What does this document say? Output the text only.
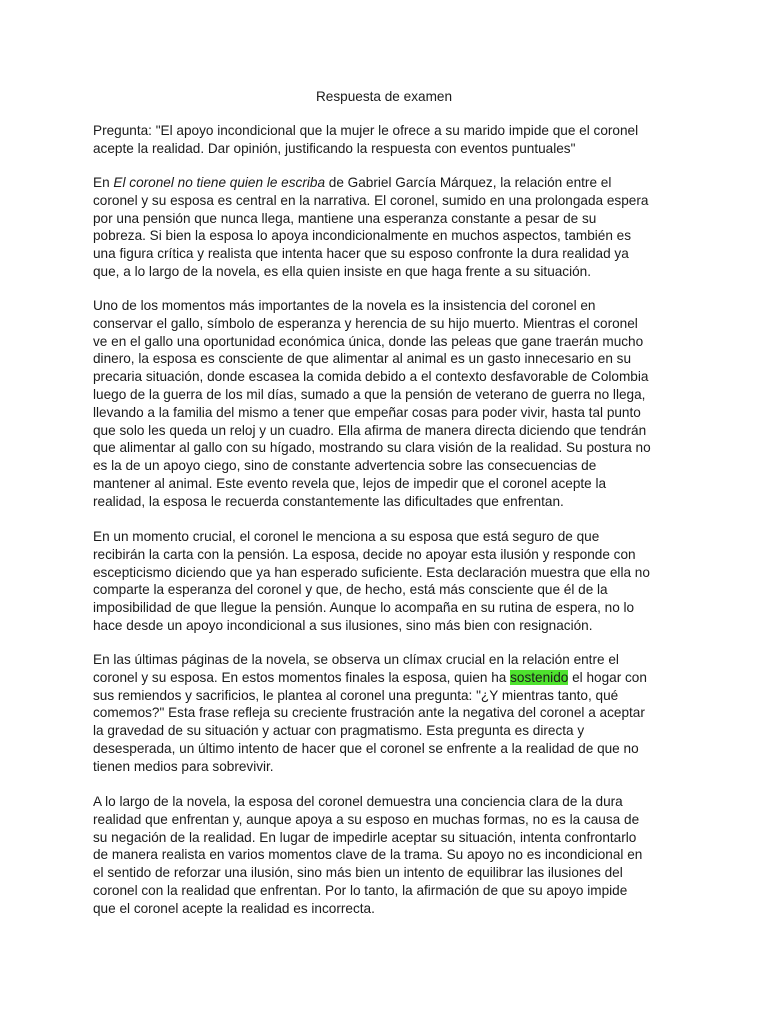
Respuesta de examen
Pregunta: "El apoyo incondicional que la mujer le ofrece a su marido impide que el coronel
acepte la realidad. Dar opinión, justificando la respuesta con eventos puntuales"
En El coronel no tiene quien le escriba de Gabriel García Márquez, la relación entre el
coronel y su esposa es central en la narrativa. El coronel, sumido en una prolongada espera
por una pensión que nunca llega, mantiene una esperanza constante a pesar de su
pobreza. Si bien la esposa lo apoya incondicionalmente en muchos aspectos, también es
una figura crítica y realista que intenta hacer que su esposo confronte la dura realidad ya
que, a lo largo de la novela, es ella quien insiste en que haga frente a su situación.
Uno de los momentos más importantes de la novela es la insistencia del coronel en
conservar el gallo, símbolo de esperanza y herencia de su hijo muerto. Mientras el coronel
ve en el gallo una oportunidad económica única, donde las peleas que gane traerán mucho
dinero, la esposa es consciente de que alimentar al animal es un gasto innecesario en su
precaria situación, donde escasea la comida debido a el contexto desfavorable de Colombia
luego de la guerra de los mil días, sumado a que la pensión de veterano de guerra no llega,
llevando a la familia del mismo a tener que empeñar cosas para poder vivir, hasta tal punto
que solo les queda un reloj y un cuadro. Ella afirma de manera directa diciendo que tendrán
que alimentar al gallo con su hígado, mostrando su clara visión de la realidad. Su postura no
es la de un apoyo ciego, sino de constante advertencia sobre las consecuencias de
mantener al animal. Este evento revela que, lejos de impedir que el coronel acepte la
realidad, la esposa le recuerda constantemente las dificultades que enfrentan.
En un momento crucial, el coronel le menciona a su esposa que está seguro de que
recibirán la carta con la pensión. La esposa, decide no apoyar esta ilusión y responde con
escepticismo diciendo que ya han esperado suficiente. Esta declaración muestra que ella no
comparte la esperanza del coronel y que, de hecho, está más consciente que él de la
imposibilidad de que llegue la pensión. Aunque lo acompaña en su rutina de espera, no lo
hace desde un apoyo incondicional a sus ilusiones, sino más bien con resignación.
En las últimas páginas de la novela, se observa un clímax crucial en la relación entre el
coronel y su esposa. En estos momentos finales la esposa, quien ha sostenido el hogar con
sus remiendos y sacrificios, le plantea al coronel una pregunta: "¿Y mientras tanto, qué
comemos?" Esta frase refleja su creciente frustración ante la negativa del coronel a aceptar
la gravedad de su situación y actuar con pragmatismo. Esta pregunta es directa y
desesperada, un último intento de hacer que el coronel se enfrente a la realidad de que no
tienen medios para sobrevivir.
A lo largo de la novela, la esposa del coronel demuestra una conciencia clara de la dura
realidad que enfrentan y, aunque apoya a su esposo en muchas formas, no es la causa de
su negación de la realidad. En lugar de impedirle aceptar su situación, intenta confrontarlo
de manera realista en varios momentos clave de la trama. Su apoyo no es incondicional en
el sentido de reforzar una ilusión, sino más bien un intento de equilibrar las ilusiones del
coronel con la realidad que enfrentan. Por lo tanto, la afirmación de que su apoyo impide
que el coronel acepte la realidad es incorrecta.
